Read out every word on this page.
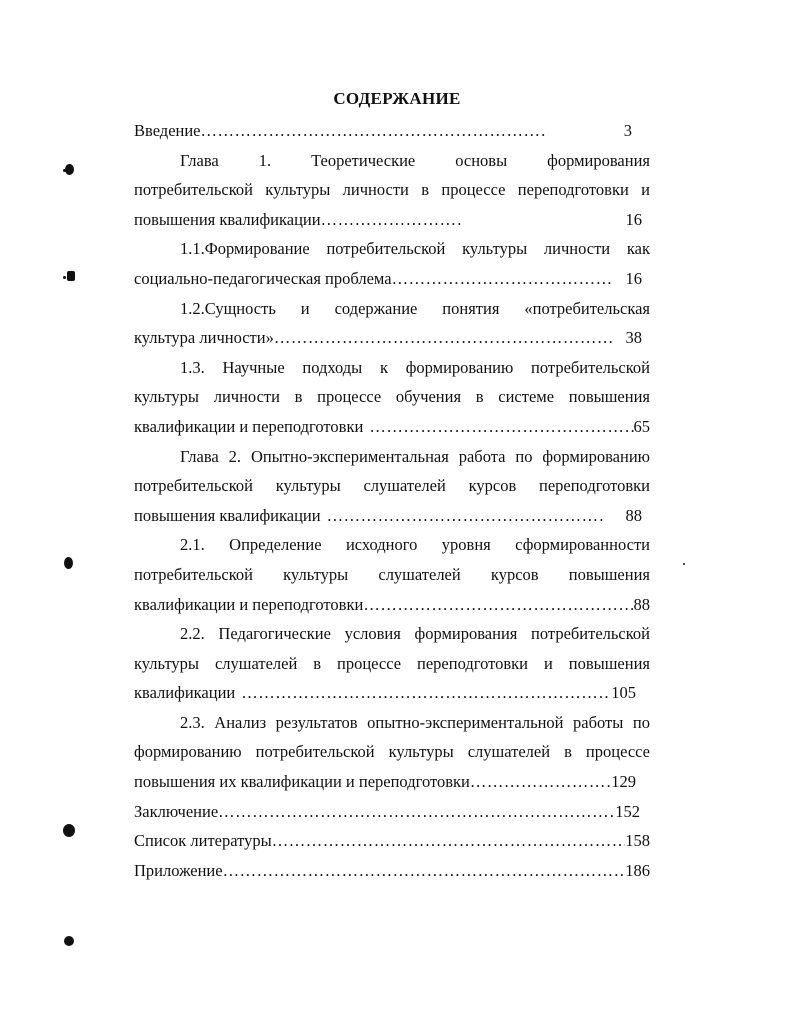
СОДЕРЖАНИЕ
Введение ………………………………………………………………………………………………………………………………………………………………	3
Глава 1. Теоретические основы формирования
потребительской культуры личности в процессе переподготовки и
повышения квалификации ………………………………………………………………………………………………………………………………………………………………	16
1.1.Формирование потребительской культуры личности как
социально-педагогическая проблема ………………………………………………………………………………………………………………………………………………………………	16
1.2.Сущность и содержание понятия «потребительская
культура личности» ………………………………………………………………………………………………………………………………………………………………	38
1.3. Научные подходы к формированию потребительской
культуры личности в процессе обучения в системе повышения
квалификации и переподготовки ………………………………………………………………………………………………………………………………………………………………	65
Глава 2. Опытно-экспериментальная работа по формированию
потребительской культуры слушателей курсов переподготовки
повышения квалификации ………………………………………………………………………………………………………………………………………………………………	88
2.1. Определение исходного уровня сформированности
потребительской культуры слушателей курсов повышения
квалификации и переподготовки ………………………………………………………………………………………………………………………………………………………………	88
2.2. Педагогические условия формирования потребительской
культуры слушателей в процессе переподготовки и повышения
квалификации ………………………………………………………………………………………………………………………………………………………………	105
2.3. Анализ результатов опытно-экспериментальной работы по
формированию потребительской культуры слушателей в процессе
повышения их квалификации и переподготовки ………………………………………………………………………………………………………………………………………………………………	129
Заключение ………………………………………………………………………………………………………………………………………………………………	152
Список литературы ………………………………………………………………………………………………………………………………………………………………	158
Приложение ………………………………………………………………………………………………………………………………………………………………	186
